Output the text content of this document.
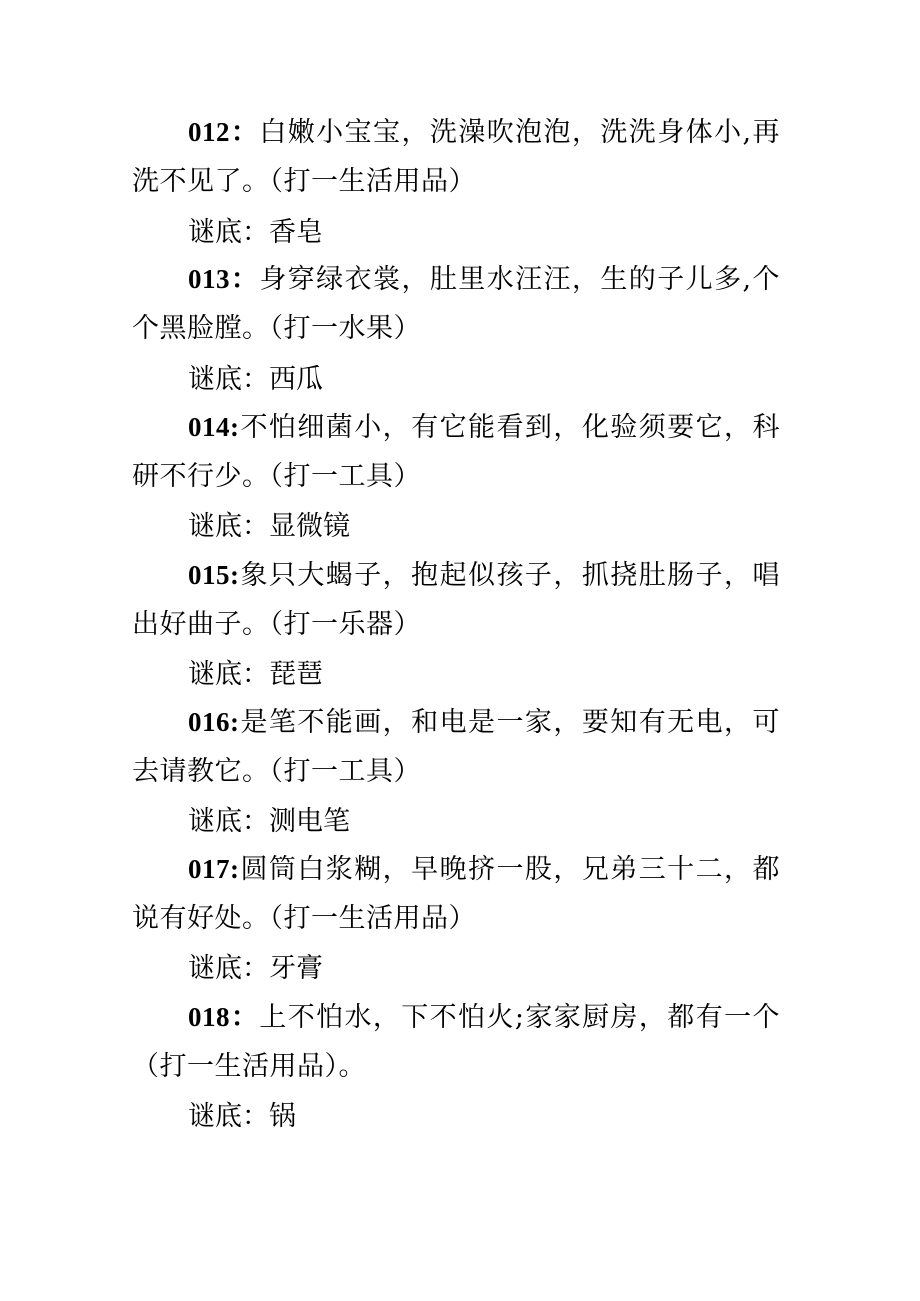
012：白嫩小宝宝，洗澡吹泡泡，洗洗身体小,再洗不见了。（打一生活用品）

谜底：香皂

013：身穿绿衣裳，肚里水汪汪，生的子儿多,个个黑脸膛。（打一水果）

谜底：西瓜

014:不怕细菌小，有它能看到，化验须要它，科研不行少。（打一工具）

谜底：显微镜

015:象只大蝎子，抱起似孩子，抓挠肚肠子，唱出好曲子。（打一乐器）

谜底：琵琶

016:是笔不能画，和电是一家，要知有无电，可去请教它。（打一工具）

谜底：测电笔

017:圆筒白浆糊，早晚挤一股，兄弟三十二，都说有好处。（打一生活用品）

谜底：牙膏

018：上不怕水，下不怕火;家家厨房，都有一个（打一生活用品）。

谜底：锅
